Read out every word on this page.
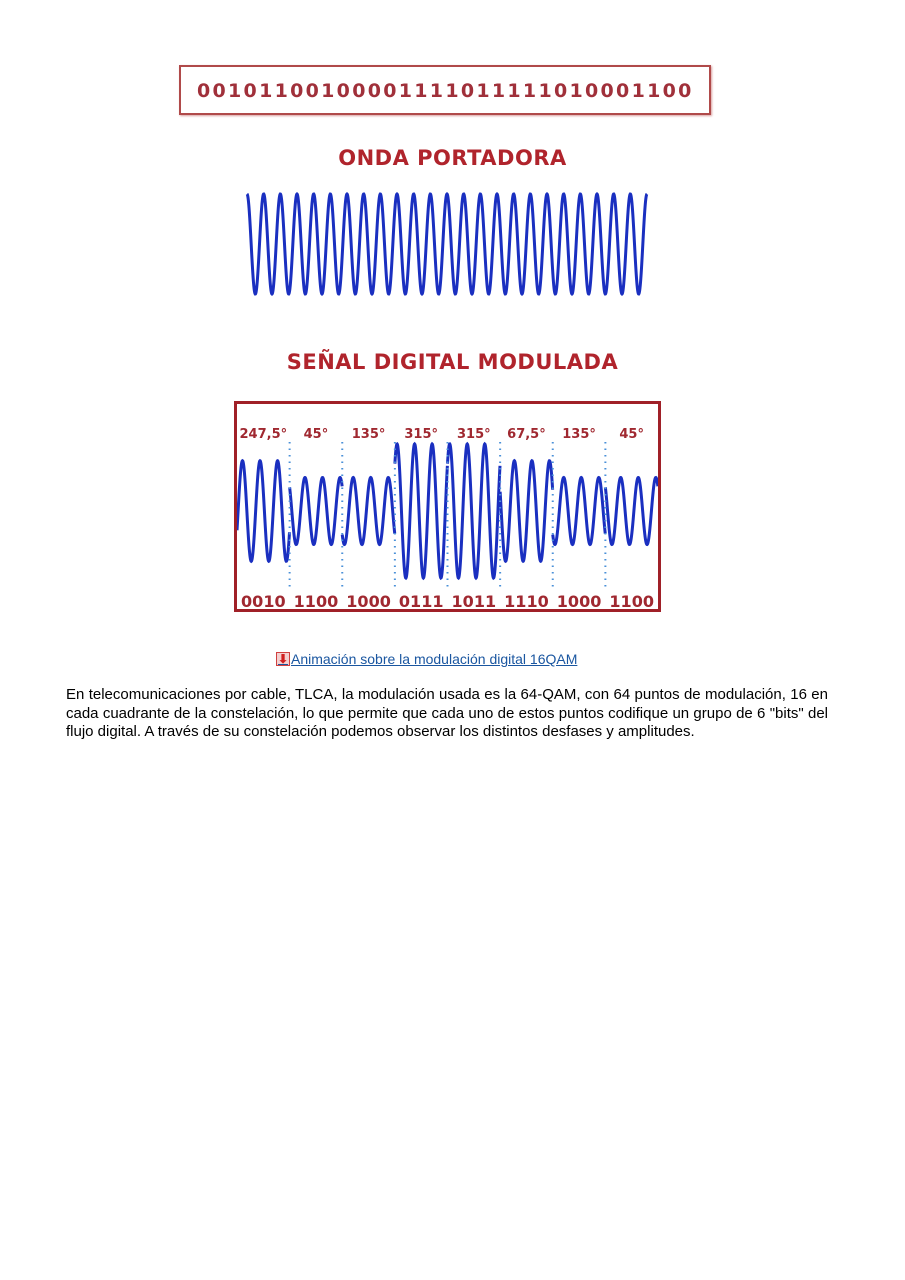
00101100100001111011111010001100
ONDA PORTADORA
SEÑAL DIGITAL MODULADA
247,5°
0010
45°
1100
135°
1000
315°
0111
315°
1011
67,5°
1110
135°
1000
45°
1100
⬇ Animación sobre la modulación digital 16QAM
En telecomunicaciones por cable, TLCA, la modulación usada es la 64-QAM, con 64 puntos de modulación, 16 en cada cuadrante de la constelación, lo que permite que cada uno de estos puntos codifique un grupo de 6 "bits" del flujo digital. A través de su constelación podemos observar los distintos desfases y amplitudes.
